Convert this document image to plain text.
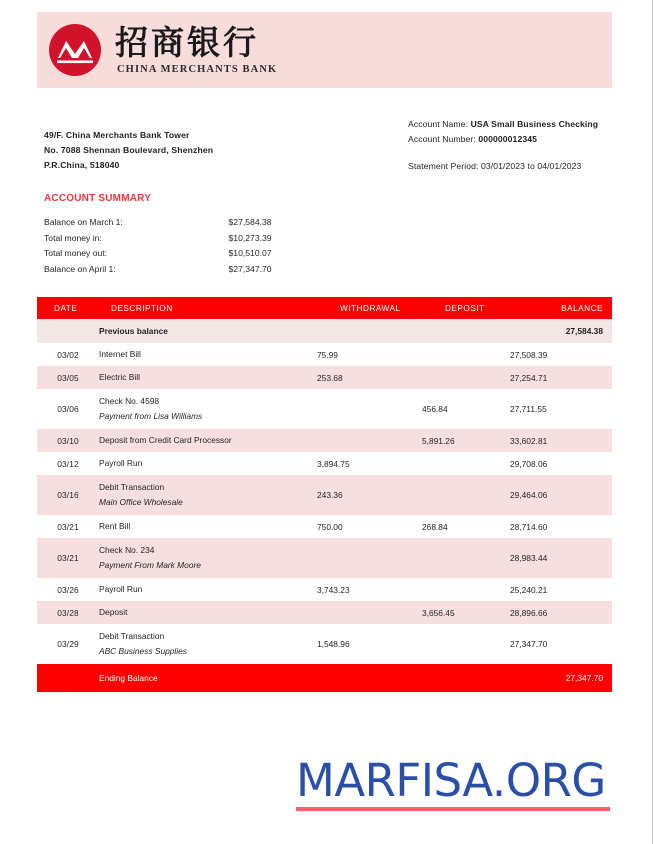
招商银行
CHINA MERCHANTS BANK
49/F. China Merchants Bank Tower
No. 7088 Shennan Boulevard, Shenzhen
P.R.China, 518040
Account Name: USA Small Business Checking
Account Number: 000000012345
Statement Period: 03/01/2023 to 04/01/2023
ACCOUNT SUMMARY
Balance on March 1:	$27,584.38
Total money in:	$10,273.39
Total money out:	$10,510.07
Balance on April 1:	$27,347.70
DATE	DESCRIPTION	WITHDRAWAL	DEPOSIT	BALANCE
	Previous balance			27,584.38
03/02	Internet Bill	75.99		27,508.39
03/05	Electric Bill	253.68		27,254.71
03/06	Check No. 4598
Payment from Lisa Williams		456.84	27,711.55
03/10	Deposit from Credit Card Processor		5,891.26	33,602.81
03/12	Payroll Run	3,894.75		29,708.06
03/16	Debit Transaction
Main Office Wholesale	243.36		29,464.06
03/21	Rent Bill	750.00	268.84	28,714.60
03/21	Check No. 234
Payment From Mark Moore			28,983.44
03/26	Payroll Run	3,743.23		25,240.21
03/28	Deposit		3,656.45	28,896.66
03/29	Debit Transaction
ABC Business Supplies	1,548.96		27,347.70
	Ending Balance			27,347.70
MARFISA.ORG
